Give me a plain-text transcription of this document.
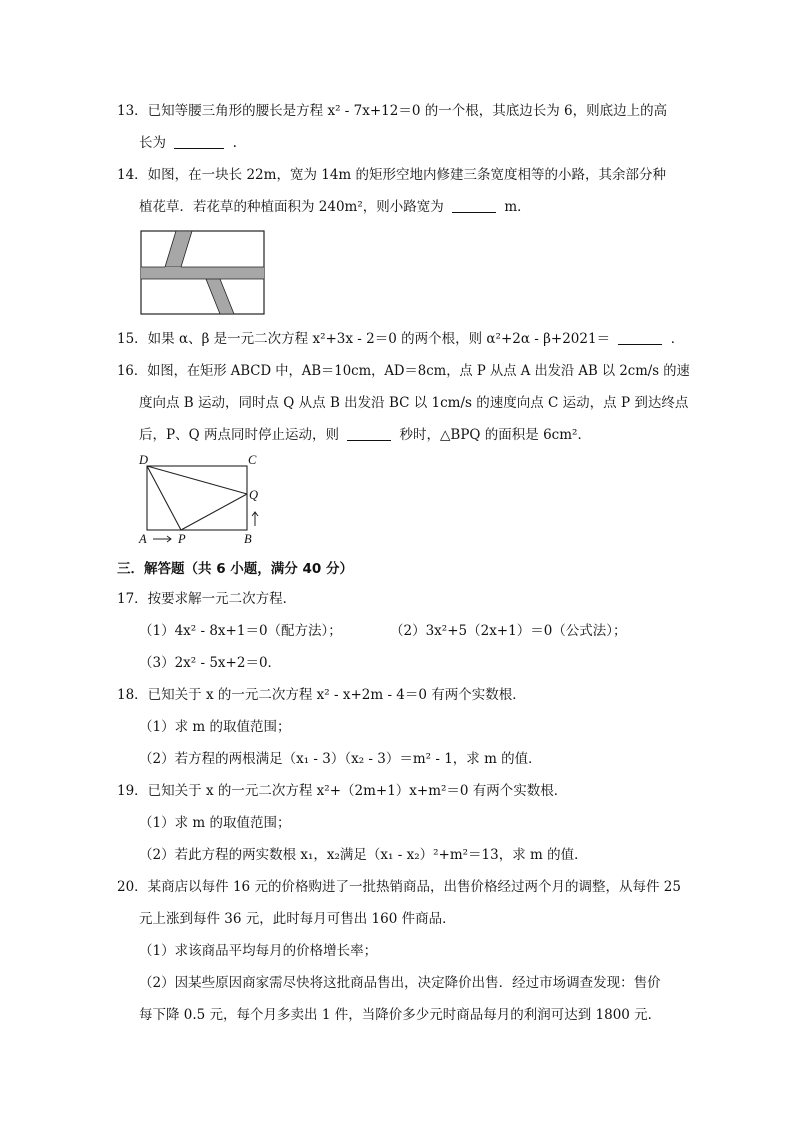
13．已知等腰三角形的腰长是方程 x² - 7x+12＝0 的一个根，其底边长为 6，则底边上的高
长为	.
14．如图，在一块长 22m，宽为 14m 的矩形空地内修建三条宽度相等的小路，其余部分种
植花草．若花草的种植面积为 240m²，则小路宽为	m．
15．如果 α、β 是一元二次方程 x²+3x - 2＝0 的两个根，则 α²+2α - β+2021＝	．
16．如图，在矩形 ABCD 中，AB＝10cm，AD＝8cm，点 P 从点 A 出发沿 AB 以 2cm/s 的速
度向点 B 运动，同时点 Q 从点 B 出发沿 BC 以 1cm/s 的速度向点 C 运动，点 P 到达终点
后，P、Q 两点同时停止运动，则	秒时，△BPQ 的面积是 6cm²．
D	C
Q
A	P	B
三．解答题（共 6 小题，满分 40 分）
17．按要求解一元二次方程．
（1）4x² - 8x+1＝0（配方法）；	（2）3x²+5（2x+1）＝0（公式法）；
（3）2x² - 5x+2＝0．
18．已知关于 x 的一元二次方程 x² - x+2m - 4＝0 有两个实数根．
（1）求 m 的取值范围；
（2）若方程的两根满足（x₁ - 3）（x₂ - 3）＝m² - 1，求 m 的值．
19．已知关于 x 的一元二次方程 x²+（2m+1）x+m²＝0 有两个实数根．
（1）求 m 的取值范围；
（2）若此方程的两实数根 x₁，x₂满足（x₁ - x₂）²+m²＝13，求 m 的值．
20．某商店以每件 16 元的价格购进了一批热销商品，出售价格经过两个月的调整，从每件 25
元上涨到每件 36 元，此时每月可售出 160 件商品．
（1）求该商品平均每月的价格增长率；
（2）因某些原因商家需尽快将这批商品售出，决定降价出售．经过市场调查发现：售价
每下降 0.5 元，每个月多卖出 1 件，当降价多少元时商品每月的利润可达到 1800 元．
